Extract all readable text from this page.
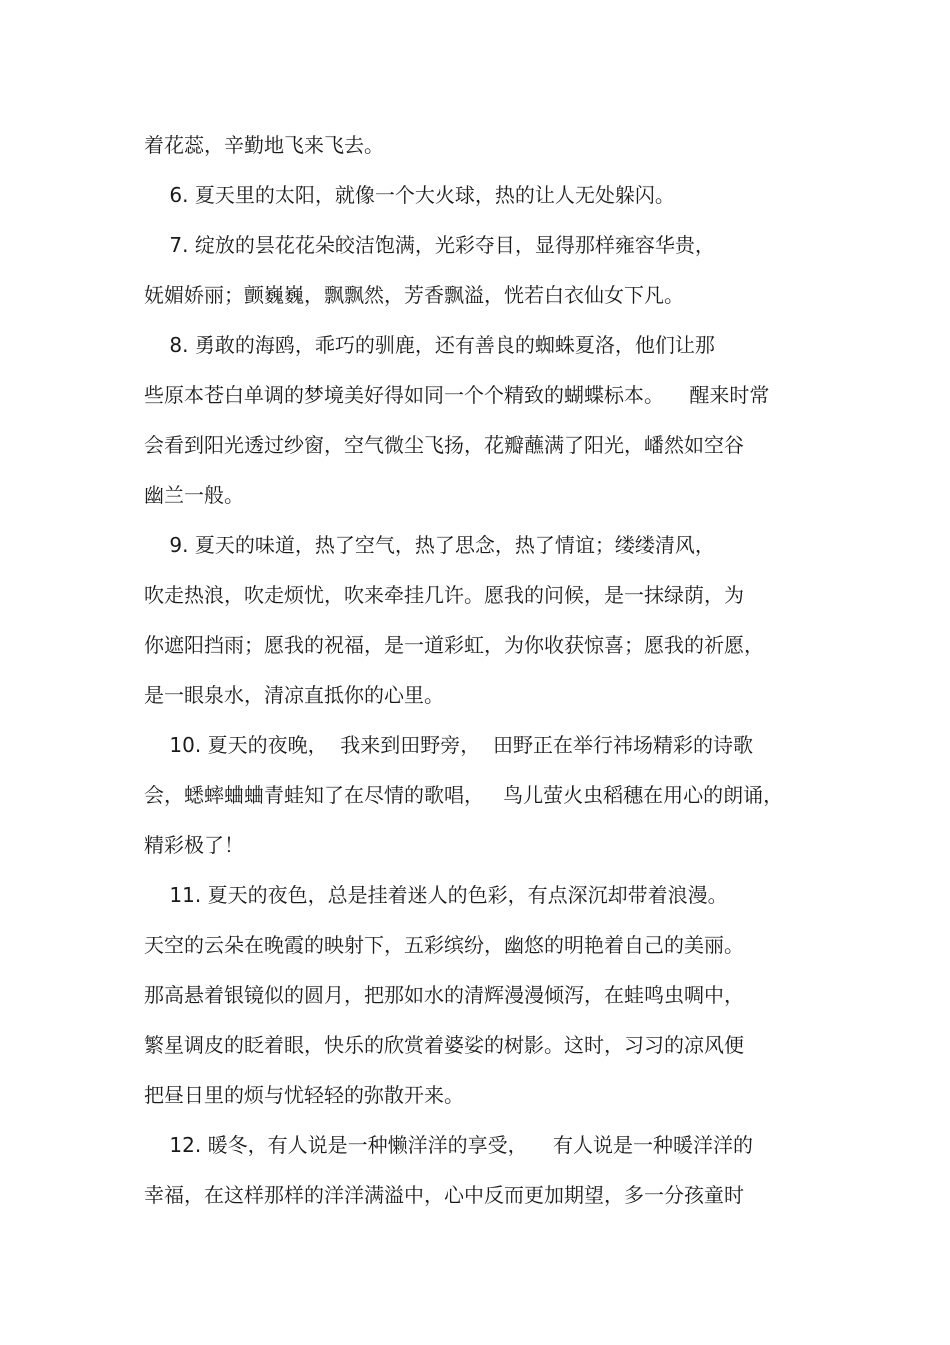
着花蕊，辛勤地飞来飞去。
6. 夏天里的太阳，就像一个大火球，热的让人无处躲闪。
7. 绽放的昙花花朵皎洁饱满，光彩夺目，显得那样雍容华贵，
妩媚娇丽；颤巍巍，飘飘然，芳香飘溢，恍若白衣仙女下凡。
8. 勇敢的海鸥，乖巧的驯鹿，还有善良的蜘蛛夏洛，他们让那
些原本苍白单调的梦境美好得如同一个个精致的蝴蝶标本。    醒来时常
会看到阳光透过纱窗，空气微尘飞扬，花瓣蘸满了阳光，嶓然如空谷
幽兰一般。
9. 夏天的味道，热了空气，热了思念，热了情谊；缕缕清风，
吹走热浪，吹走烦忧，吹来牵挂几许。愿我的问候，是一抹绿荫，为
你遮阳挡雨；愿我的祝福，是一道彩虹，为你收获惊喜；愿我的祈愿，
是一眼泉水，清凉直抵你的心里。
10. 夏天的夜晚，  我来到田野旁，  田野正在举行祎场精彩的诗歌
会，蟋蟀蛐蛐青蛙知了在尽情的歌唱，   鸟儿萤火虫稻穗在用心的朗诵，
精彩极了！
11. 夏天的夜色，总是挂着迷人的色彩，有点深沉却带着浪漫。
天空的云朵在晚霞的映射下，五彩缤纷，幽悠的明艳着自己的美丽。
那高悬着银镜似的圆月，把那如水的清辉漫漫倾泻，在蛙鸣虫啁中，
繁星调皮的眨着眼，快乐的欣赏着婆娑的树影。这时，习习的凉风便
把昼日里的烦与忧轻轻的弥散开来。
12. 暖冬，有人说是一种懒洋洋的享受，    有人说是一种暖洋洋的
幸福，在这样那样的洋洋满溢中，心中反而更加期望，多一分孩童时
